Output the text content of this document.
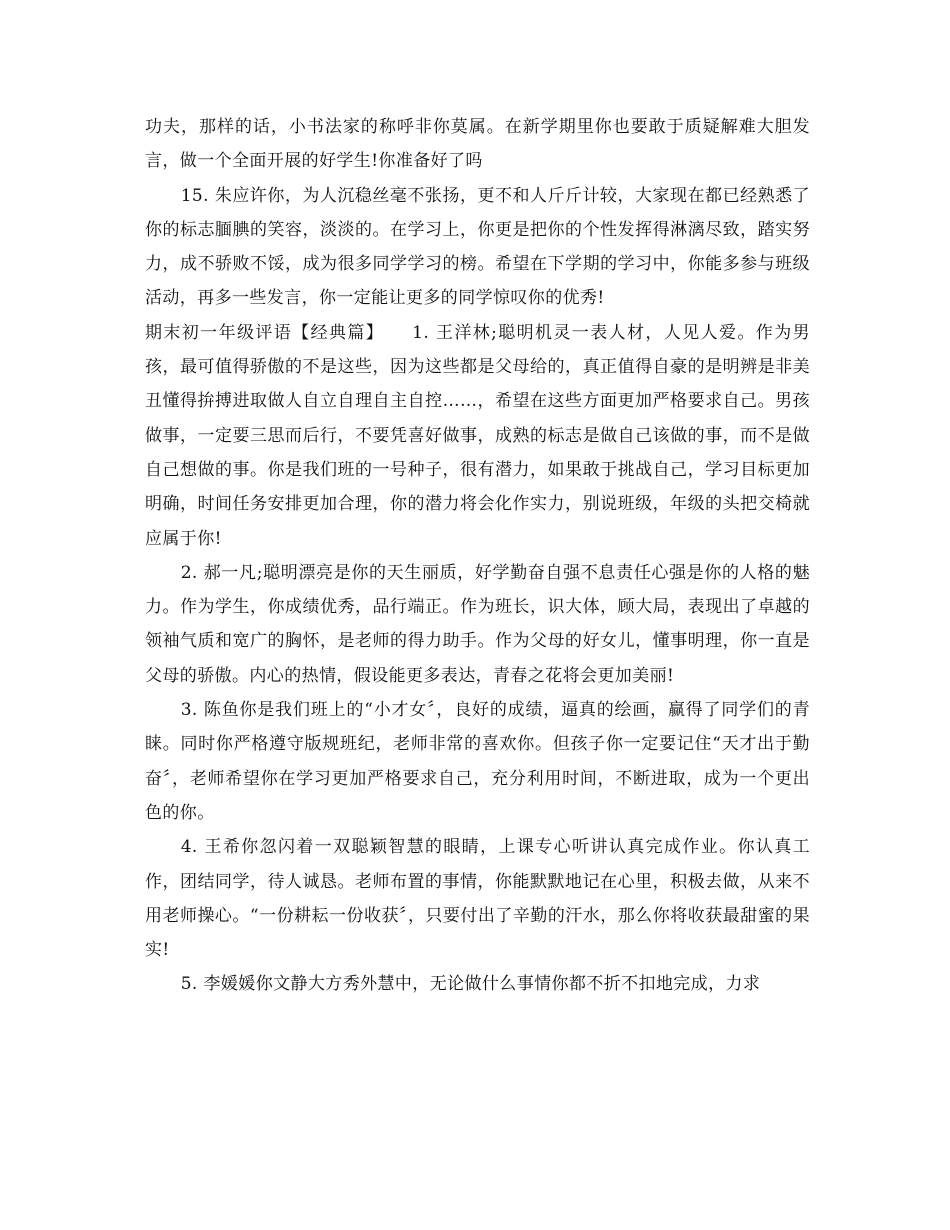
功夫，那样的话，小书法家的称呼非你莫属。在新学期里你也要敢于质疑解难大胆发言，做一个全面开展的好学生!你准备好了吗

15. 朱应许你，为人沉稳丝毫不张扬，更不和人斤斤计较，大家现在都已经熟悉了你的标志腼腆的笑容，淡淡的。在学习上，你更是把你的个性发挥得淋漓尽致，踏实努力，成不骄败不馁，成为很多同学学习的榜。希望在下学期的学习中，你能多参与班级活动，再多一些发言，你一定能让更多的同学惊叹你的优秀!

期末初一年级评语【经典篇】 1. 王洋林;聪明机灵一表人材，人见人爱。作为男孩，最可值得骄傲的不是这些，因为这些都是父母给的，真正值得自豪的是明辨是非美丑懂得拚搏进取做人自立自理自主自控……，希望在这些方面更加严格要求自己。男孩做事，一定要三思而后行，不要凭喜好做事，成熟的标志是做自己该做的事，而不是做自己想做的事。你是我们班的一号种子，很有潜力，如果敢于挑战自己，学习目标更加明确，时间任务安排更加合理，你的潜力将会化作实力，别说班级，年级的头把交椅就应属于你!

2. 郝一凡;聪明漂亮是你的天生丽质，好学勤奋自强不息责任心强是你的人格的魅力。作为学生，你成绩优秀，品行端正。作为班长，识大体，顾大局，表现出了卓越的领袖气质和宽广的胸怀，是老师的得力助手。作为父母的好女儿，懂事明理，你一直是父母的骄傲。内心的热情，假设能更多表达，青春之花将会更加美丽!

3. 陈鱼你是我们班上的“小才女〞，良好的成绩，逼真的绘画，赢得了同学们的青睐。同时你严格遵守版规班纪，老师非常的喜欢你。但孩子你一定要记住“天才出于勤奋〞，老师希望你在学习更加严格要求自己，充分利用时间，不断进取，成为一个更出色的你。

4. 王希你忽闪着一双聪颖智慧的眼睛，上课专心听讲认真完成作业。你认真工作，团结同学，待人诚恳。老师布置的事情，你能默默地记在心里，积极去做，从来不用老师操心。“一份耕耘一份收获〞，只要付出了辛勤的汗水，那么你将收获最甜蜜的果实!

5. 李媛媛你文静大方秀外慧中，无论做什么事情你都不折不扣地完成，力求
